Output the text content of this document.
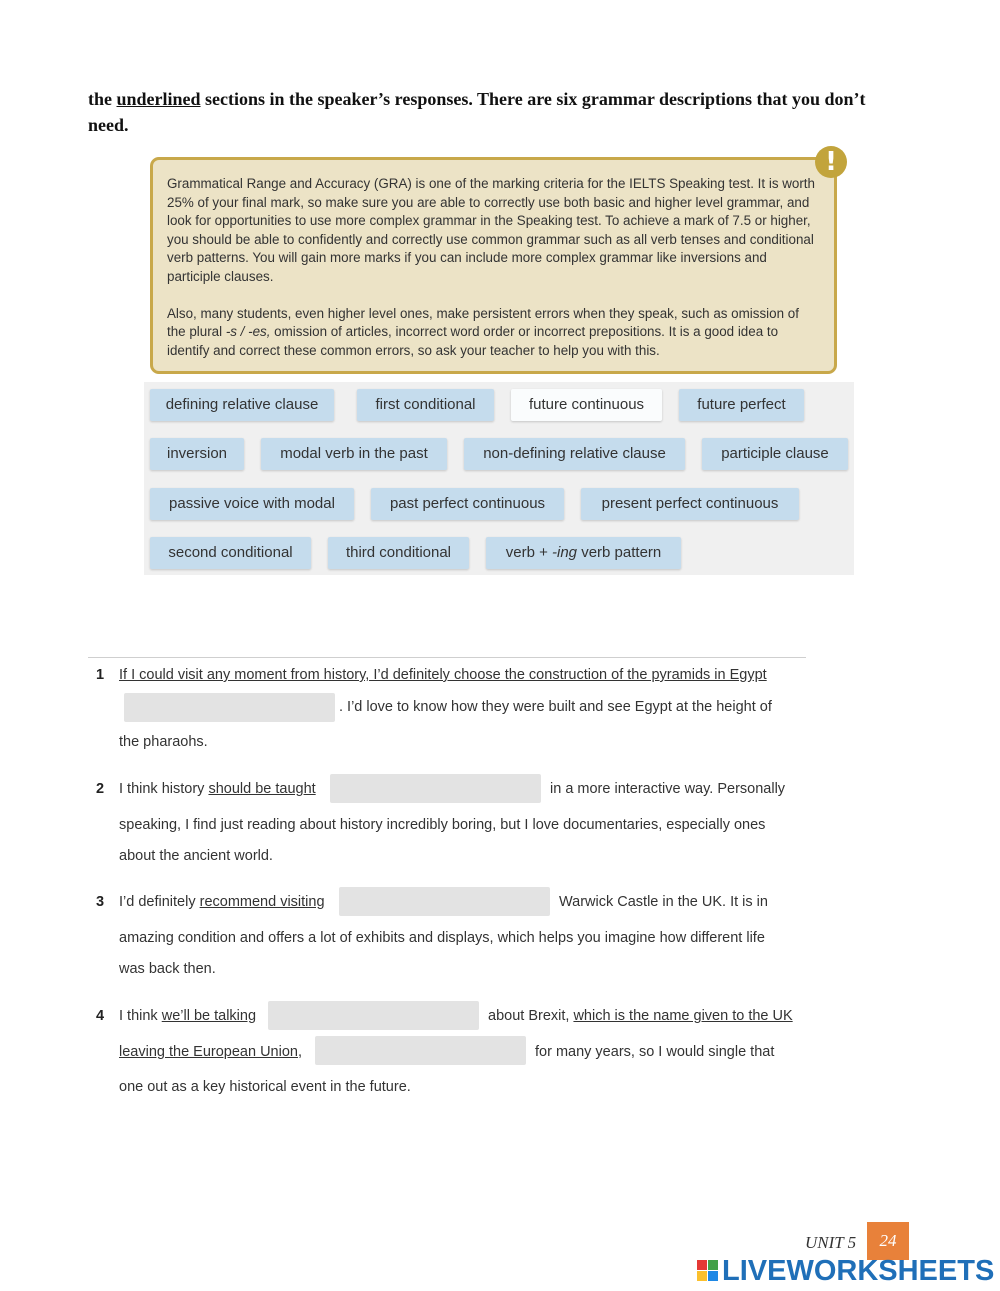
the underlined sections in the speaker’s responses. There are six grammar descriptions that you don’t need.

Grammatical Range and Accuracy (GRA) is one of the marking criteria for the IELTS Speaking test. It is worth 25% of your final mark, so make sure you are able to correctly use both basic and higher level grammar, and look for opportunities to use more complex grammar in the Speaking test. To achieve a mark of 7.5 or higher, you should be able to confidently and correctly use common grammar such as all verb tenses and conditional verb patterns. You will gain more marks if you can include more complex grammar like inversions and participle clauses.

Also, many students, even higher level ones, make persistent errors when they speak, such as omission of the plural -s / -es, omission of articles, incorrect word order or incorrect prepositions. It is a good idea to identify and correct these common errors, so ask your teacher to help you with this.

!
defining relative clause	first conditional	future continuous	future perfect
inversion	modal verb in the past	non-defining relative clause	participle clause
passive voice with modal	past perfect continuous	present perfect continuous
second conditional	third conditional	verb + -ing verb pattern
1 If I could visit any moment from history, I’d definitely choose the construction of the pyramids in Egypt
. I’d love to know how they were built and see Egypt at the height of
the pharaohs.
2 I think history should be taught	in a more interactive way. Personally
speaking, I find just reading about history incredibly boring, but I love documentaries, especially ones
about the ancient world.
3 I’d definitely recommend visiting	Warwick Castle in the UK. It is in
amazing condition and offers a lot of exhibits and displays, which helps you imagine how different life
was back then.
4 I think we’ll be talking	about Brexit, which is the name given to the UK
leaving the European Union,	for many years, so I would single that
one out as a key historical event in the future.
UNIT 5	24
LIVEWORKSHEETS
